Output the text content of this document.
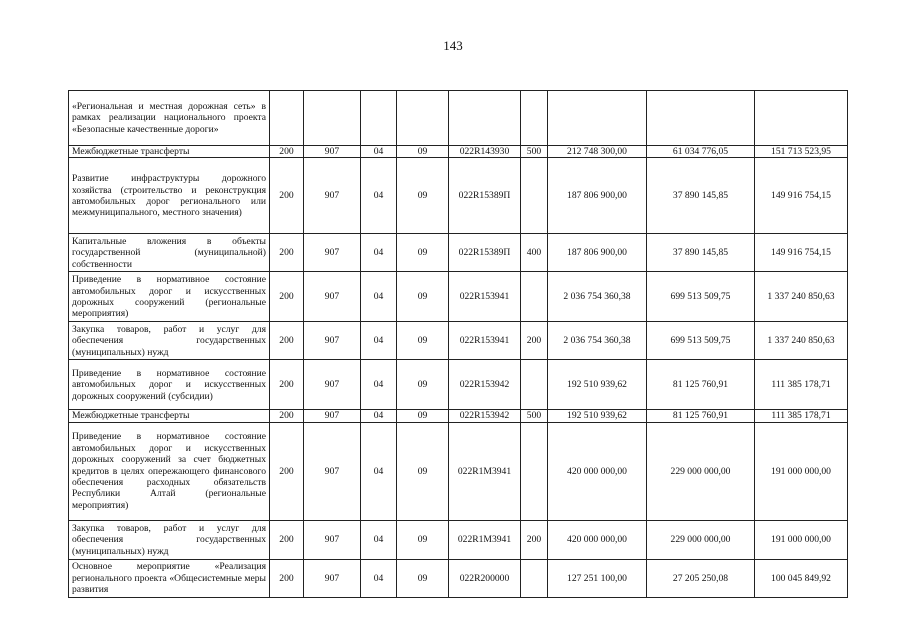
143
«Региональная и местная дорожная сеть» в рамках реализации национального проекта «Безопасные качественные дороги»									
Межбюджетные трансферты	200	907	04	09	022R143930	500	212 748 300,00	61 034 776,05	151 713 523,95
Развитие инфраструктуры дорожного хозяйства (строительство и реконструкция автомобильных дорог регионального или межмуниципального, местного значения)	200	907	04	09	022R15389П		187 806 900,00	37 890 145,85	149 916 754,15
Капитальные вложения в объекты государственной (муниципальной) собственности	200	907	04	09	022R15389П	400	187 806 900,00	37 890 145,85	149 916 754,15
Приведение в нормативное состояние автомобильных дорог и искусственных дорожных сооружений (региональные мероприятия)	200	907	04	09	022R153941		2 036 754 360,38	699 513 509,75	1 337 240 850,63
Закупка товаров, работ и услуг для обеспечения государственных (муниципальных) нужд	200	907	04	09	022R153941	200	2 036 754 360,38	699 513 509,75	1 337 240 850,63
Приведение в нормативное состояние автомобильных дорог и искусственных дорожных сооружений (субсидии)	200	907	04	09	022R153942		192 510 939,62	81 125 760,91	111 385 178,71
Межбюджетные трансферты	200	907	04	09	022R153942	500	192 510 939,62	81 125 760,91	111 385 178,71
Приведение в нормативное состояние автомобильных дорог и искусственных дорожных сооружений за счет бюджетных кредитов в целях опережающего финансового обеспечения расходных обязательств Республики Алтай (региональные мероприятия)	200	907	04	09	022R1M3941		420 000 000,00	229 000 000,00	191 000 000,00
Закупка товаров, работ и услуг для обеспечения государственных (муниципальных) нужд	200	907	04	09	022R1M3941	200	420 000 000,00	229 000 000,00	191 000 000,00
Основное мероприятие «Реализация регионального проекта «Общесистемные меры развития	200	907	04	09	022R200000		127 251 100,00	27 205 250,08	100 045 849,92
